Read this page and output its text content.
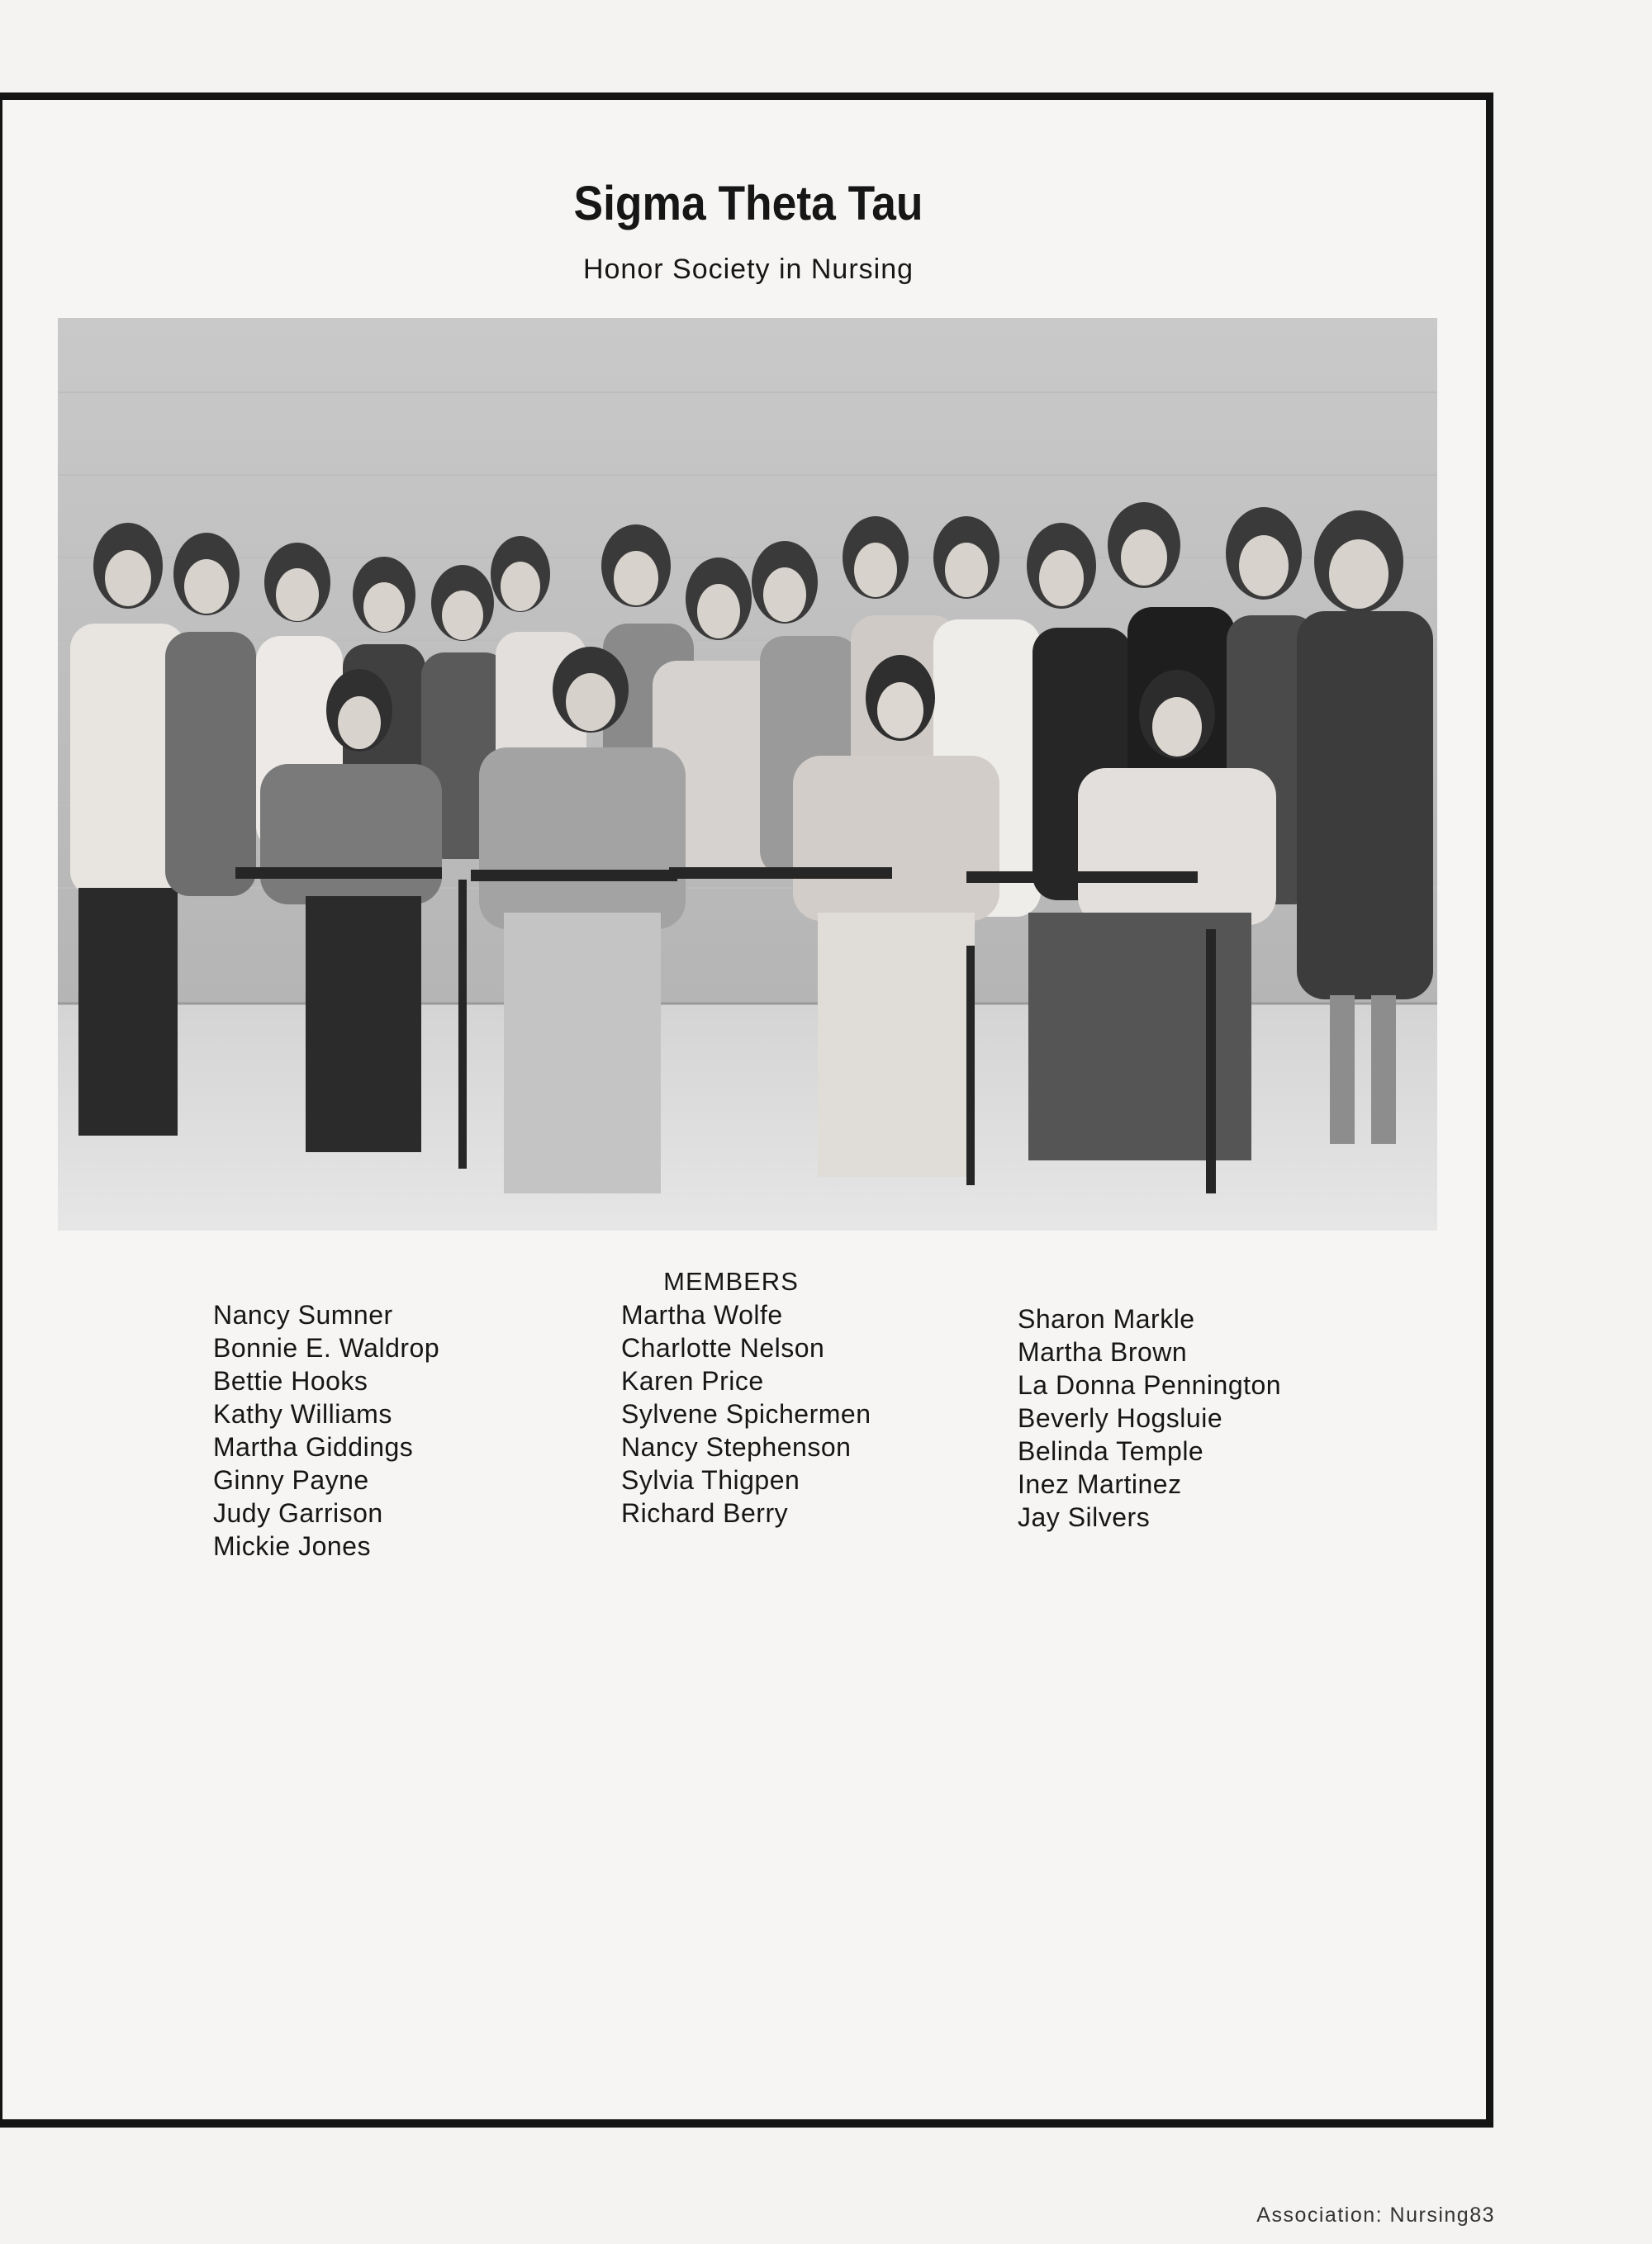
Sigma Theta Tau
Honor Society in Nursing
MEMBERS
Nancy Sumner
Bonnie E. Waldrop
Bettie Hooks
Kathy Williams
Martha Giddings
Ginny Payne
Judy Garrison
Mickie Jones
Martha Wolfe
Charlotte Nelson
Karen Price
Sylvene Spichermen
Nancy Stephenson
Sylvia Thigpen
Richard Berry
Sharon Markle
Martha Brown
La Donna Pennington
Beverly Hogsluie
Belinda Temple
Inez Martinez
Jay Silvers
Association: Nursing83
